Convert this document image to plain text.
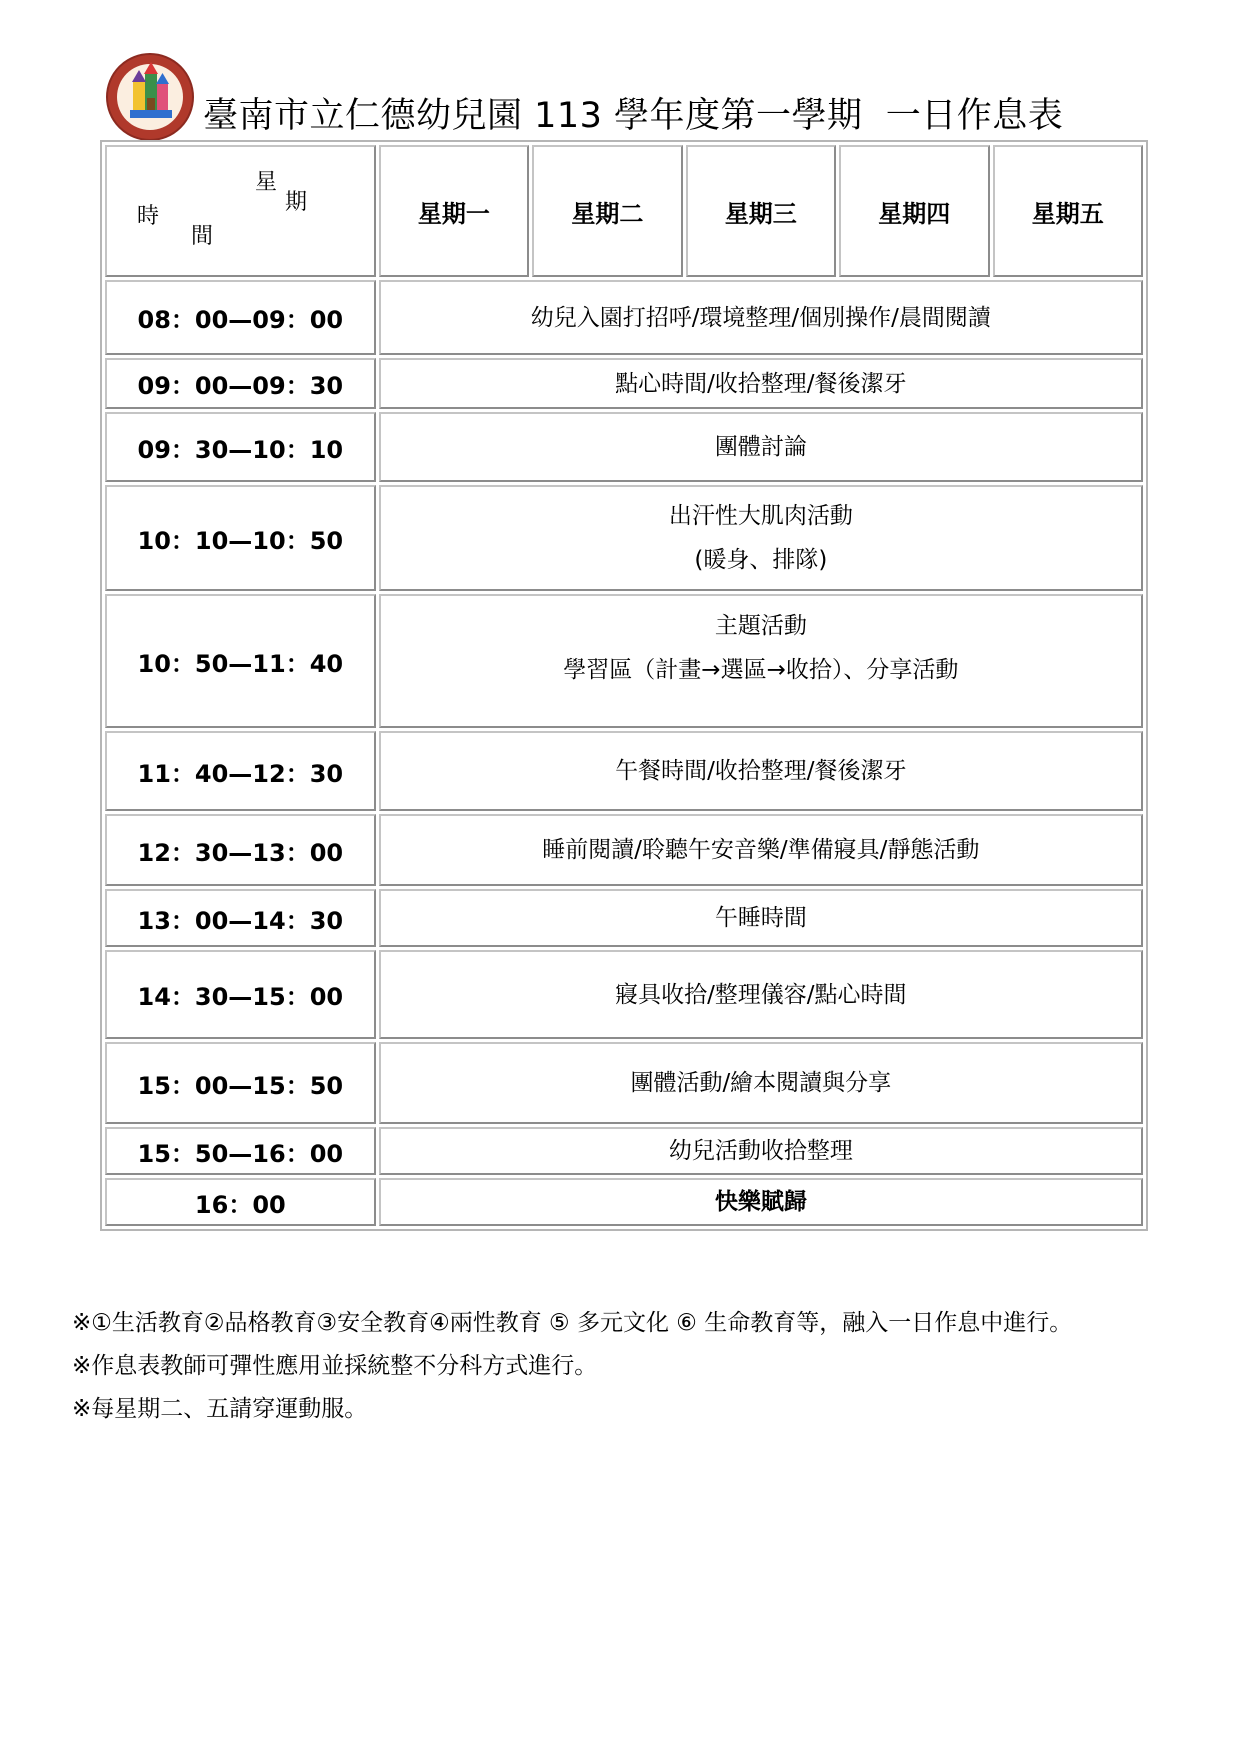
臺南市立仁德幼兒園 113 學年度第一學期  一日作息表
星
期
時
間	星期一	星期二	星期三	星期四	星期五
08：00—09：00	幼兒入園打招呼/環境整理/個別操作/晨間閱讀				

09：00—09：30	點心時間/收拾整理/餐後潔牙				

09：30—10：10	團體討論				

10：10—10：50	出汗性大肌肉活動
(暖身、排隊)				

10：50—11：40	主題活動
學習區（計畫→選區→收拾）、分享活動				

11：40—12：30	午餐時間/收拾整理/餐後潔牙				

12：30—13：00	睡前閱讀/聆聽午安音樂/準備寢具/靜態活動				

13：00—14：30	午睡時間				

14：30—15：00	寢具收拾/整理儀容/點心時間				

15：00—15：50	團體活動/繪本閱讀與分享				

15：50—16：00	幼兒活動收拾整理				

16：00	快樂賦歸				
※①生活教育②品格教育③安全教育④兩性教育 ⑤ 多元文化 ⑥ 生命教育等，融入一日作息中進行。
※作息表教師可彈性應用並採統整不分科方式進行。
※每星期二、五請穿運動服。
